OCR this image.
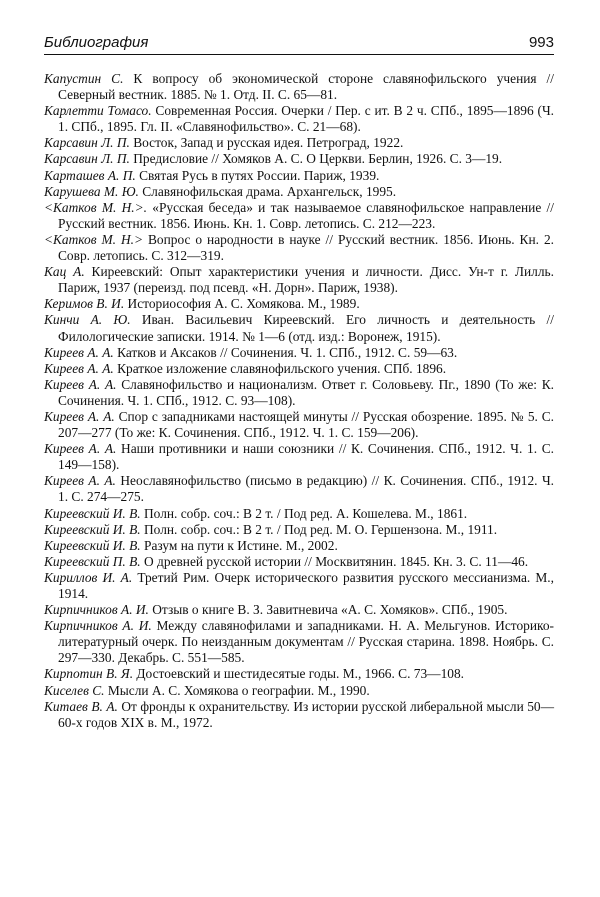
Библиография	993

Капустин С. К вопросу об экономической стороне славянофильского учения // Северный вестник. 1885. № 1. Отд. II. С. 65—81.

Карлетти Томасо. Современная Россия. Очерки / Пер. с ит. В 2 ч. СПб., 1895—1896 (Ч. 1. СПб., 1895. Гл. II. «Славянофильство». С. 21—68).

Карсавин Л. П. Восток, Запад и русская идея. Петроград, 1922.

Карсавин Л. П. Предисловие // Хомяков А. С. О Церкви. Берлин, 1926. С. 3—19.

Карташев А. П. Святая Русь в путях России. Париж, 1939.

Карушева М. Ю. Славянофильская драма. Архангельск, 1995.

<Катков М. Н.>. «Русская беседа» и так называемое славянофильское направление // Русский вестник. 1856. Июнь. Кн. 1. Совр. летопись. С. 212—223.

<Катков М. Н.> Вопрос о народности в науке // Русский вестник. 1856. Июнь. Кн. 2. Совр. летопись. С. 312—319.

Кац А. Киреевский: Опыт характеристики учения и личности. Дисс. Ун-т г. Лилль. Париж, 1937 (переизд. под псевд. «Н. Дорн». Париж, 1938).

Керимов В. И. Историософия А. С. Хомякова. М., 1989.

Кинчи А. Ю. Иван. Васильевич Киреевский. Его личность и деятельность // Филологические записки. 1914. № 1—6 (отд. изд.: Воронеж, 1915).

Киреев А. А. Катков и Аксаков // Сочинения. Ч. 1. СПб., 1912. С. 59—63.

Киреев А. А. Краткое изложение славянофильского учения. СПб. 1896.

Киреев А. А. Славянофильство и национализм. Ответ г. Соловьеву. Пг., 1890 (То же: К. Сочинения. Ч. 1. СПб., 1912. С. 93—108).

Киреев А. А. Спор с западниками настоящей минуты // Русская обозрение. 1895. № 5. С. 207—277 (То же: К. Сочинения. СПб., 1912. Ч. 1. С. 159—206).

Киреев А. А. Наши противники и наши союзники // К. Сочинения. СПб., 1912. Ч. 1. С. 149—158).

Киреев А. А. Неославянофильство (письмо в редакцию) // К. Сочинения. СПб., 1912. Ч. 1. С. 274—275.

Киреевский И. В. Полн. собр. соч.: В 2 т. / Под ред. А. Кошелева. М., 1861.

Киреевский И. В. Полн. собр. соч.: В 2 т. / Под ред. М. О. Гершензона. М., 1911.

Киреевский И. В. Разум на пути к Истине. М., 2002.

Киреевский П. В. О древней русской истории // Москвитянин. 1845. Кн. 3. С. 11—46.

Кириллов И. А. Третий Рим. Очерк исторического развития русского мессианизма. М., 1914.

Кирпичников А. И. Отзыв о книге В. З. Завитневича «А. С. Хомяков». СПб., 1905.

Кирпичников А. И. Между славянофилами и западниками. Н. А. Мельгунов. Историко-литературный очерк. По неизданным документам // Русская старина. 1898. Ноябрь. С. 297—330. Декабрь. С. 551—585.

Кирпотин В. Я. Достоевский и шестидесятые годы. М., 1966. С. 73—108.

Киселев С. Мысли А. С. Хомякова о географии. М., 1990.

Китаев В. А. От фронды к охранительству. Из истории русской либеральной мысли 50—60-х годов XIX в. М., 1972.
